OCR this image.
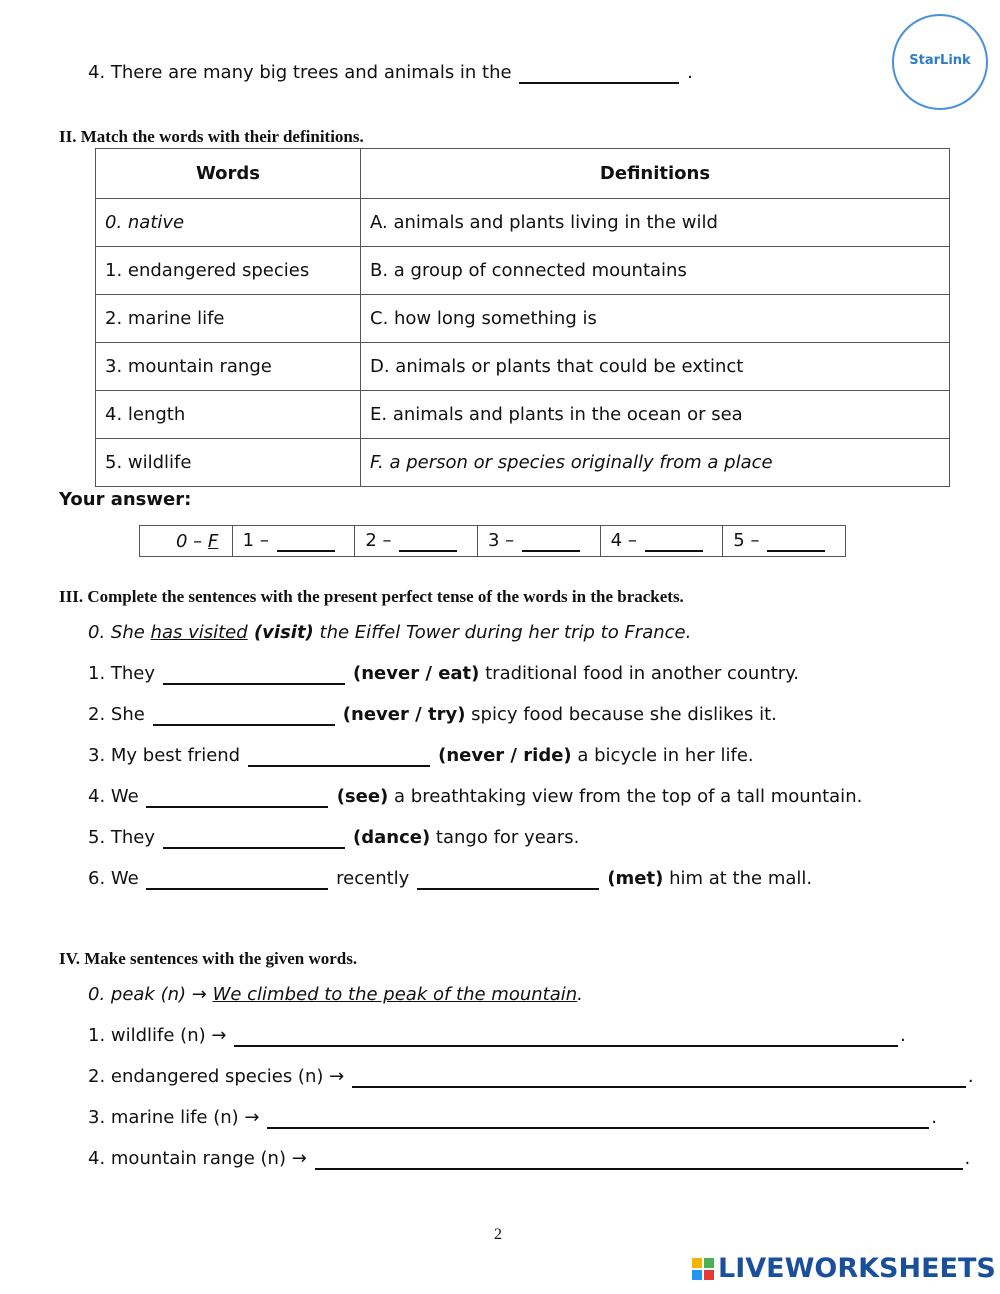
StarLink
4. There are many big trees and animals in the	.
II. Match the words with their definitions.
Words	Definitions
0. native	A. animals and plants living in the wild
1. endangered species	B. a group of connected mountains
2. marine life	C. how long something is
3. mountain range	D. animals or plants that could be extinct
4. length	E. animals and plants in the ocean or sea
5. wildlife	F. a person or species originally from a place
Your answer:
0 – F	1 –	2 –	3 –	4 –	5 –
III. Complete the sentences with the present perfect tense of the words in the brackets.
0. She has visited (visit) the Eiffel Tower during her trip to France.
1. They	(never / eat) traditional food in another country.
2. She	(never / try) spicy food because she dislikes it.
3. My best friend	(never / ride) a bicycle in her life.
4. We	(see) a breathtaking view from the top of a tall mountain.
5. They	(dance) tango for years.
6. We	recently	(met) him at the mall.
IV. Make sentences with the given words.
0. peak (n) → We climbed to the peak of the mountain.
1. wildlife (n) →	.
2. endangered species (n) →	.
3. marine life (n) →	.
4. mountain range (n) →	.
2
LIVEWORKSHEETS
